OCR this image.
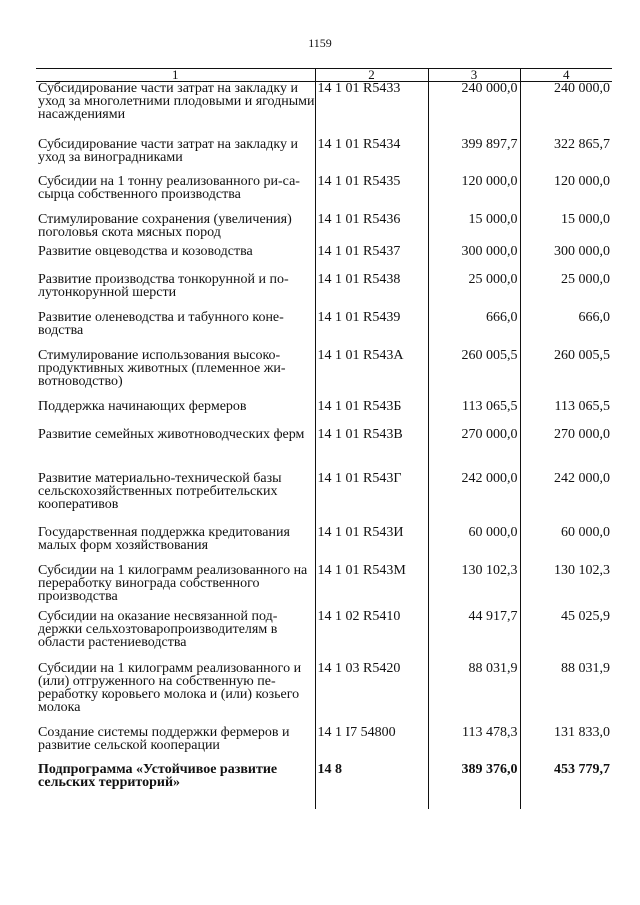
1159
1	2	3	4
Субсидирование части затрат на закладку и уход за многолетними плодовыми и ягодными насаждениями	14 1 01 R5433	240 000,0	240 000,0
Субсидирование части затрат на закладку и уход за виноградниками	14 1 01 R5434	399 897,7	322 865,7
Субсидии на 1 тонну реализованного ри-са-сырца собственного производства	14 1 01 R5435	120 000,0	120 000,0
Стимулирование сохранения (увеличения) поголовья скота мясных пород	14 1 01 R5436	15 000,0	15 000,0
Развитие овцеводства и козоводства	14 1 01 R5437	300 000,0	300 000,0
Развитие производства тонкорунной и по-лутонкорунной шерсти	14 1 01 R5438	25 000,0	25 000,0
Развитие оленеводства и табунного коне-водства	14 1 01 R5439	666,0	666,0
Стимулирование использования высоко-продуктивных животных (племенное жи-вотноводство)	14 1 01 R543А	260 005,5	260 005,5
Поддержка начинающих фермеров	14 1 01 R543Б	113 065,5	113 065,5
Развитие семейных животноводческих ферм	14 1 01 R543В	270 000,0	270 000,0
Развитие материально-технической базы сельскохозяйственных потребительских кооперативов	14 1 01 R543Г	242 000,0	242 000,0
Государственная поддержка кредитования малых форм хозяйствования	14 1 01 R543И	60 000,0	60 000,0
Субсидии на 1 килограмм реализованного на переработку винограда собственного производства	14 1 01 R543М	130 102,3	130 102,3
Субсидии на оказание несвязанной под-держки сельхозтоваропроизводителям в области растениеводства	14 1 02 R5410	44 917,7	45 025,9
Субсидии на 1 килограмм реализованного и (или) отгруженного на собственную пе-реработку коровьего молока и (или) козьего молока	14 1 03 R5420	88 031,9	88 031,9
Создание системы поддержки фермеров и развитие сельской кооперации	14 1 I7 54800	113 478,3	131 833,0
Подпрограмма «Устойчивое развитие сельских территорий»	14 8	389 376,0	453 779,7
